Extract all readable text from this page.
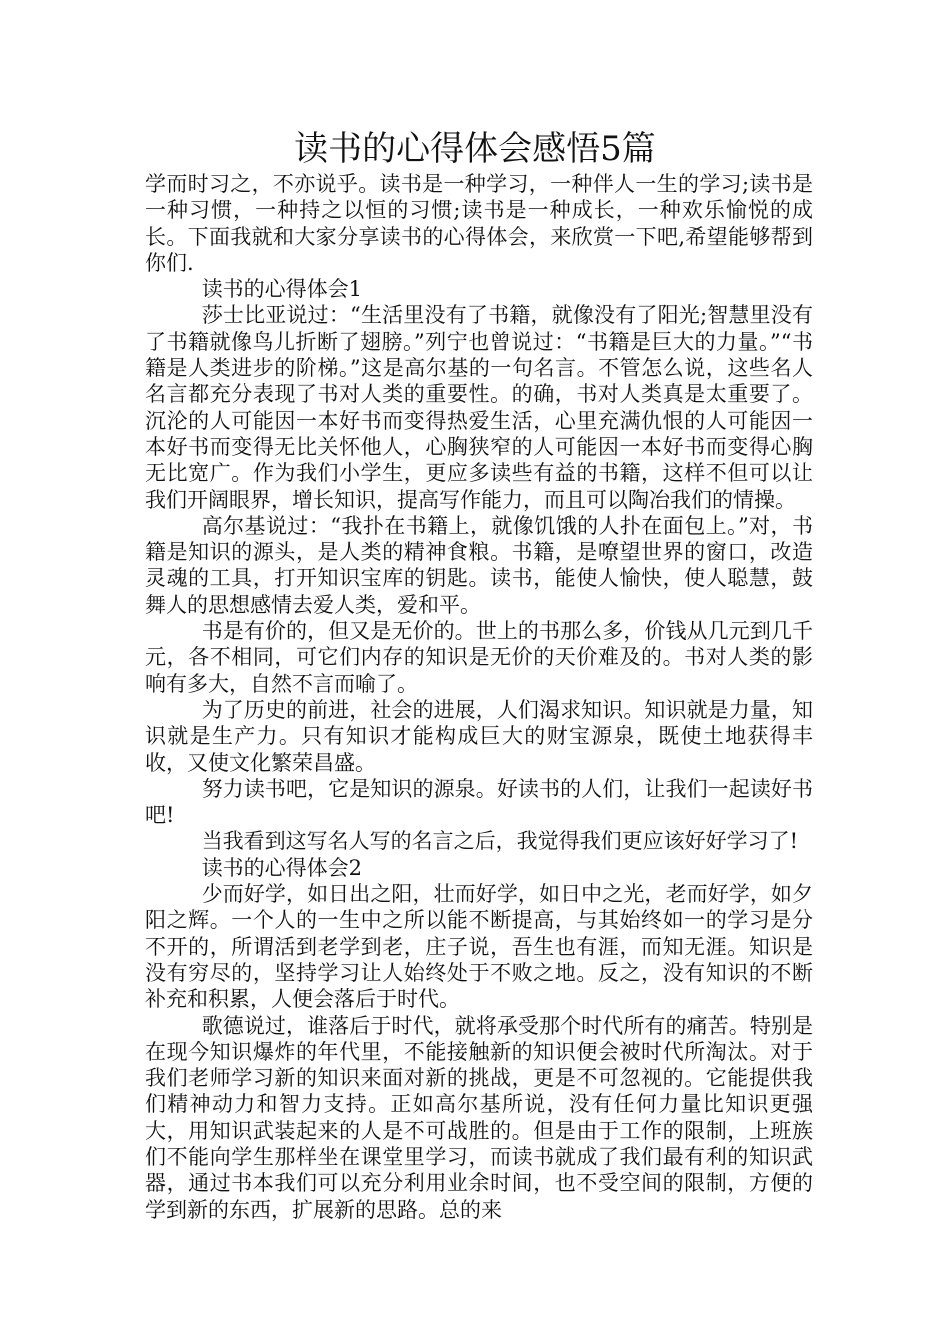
读书的心得体会感悟5篇

学而时习之，不亦说乎。读书是一种学习，一种伴人一生的学习;读书是一种习惯，一种持之以恒的习惯;读书是一种成长，一种欢乐愉悦的成长。下面我就和大家分享读书的心得体会，来欣赏一下吧,希望能够帮到你们.

读书的心得体会1

莎士比亚说过：“生活里没有了书籍，就像没有了阳光;智慧里没有了书籍就像鸟儿折断了翅膀。”列宁也曾说过：“书籍是巨大的力量。”“书籍是人类进步的阶梯。”这是高尔基的一句名言。不管怎么说，这些名人名言都充分表现了书对人类的重要性。的确，书对人类真是太重要了。沉沦的人可能因一本好书而变得热爱生活，心里充满仇恨的人可能因一本好书而变得无比关怀他人，心胸狭窄的人可能因一本好书而变得心胸无比宽广。作为我们小学生，更应多读些有益的书籍，这样不但可以让我们开阔眼界，增长知识，提高写作能力，而且可以陶冶我们的情操。

高尔基说过：“我扑在书籍上，就像饥饿的人扑在面包上。”对，书籍是知识的源头，是人类的精神食粮。书籍，是嘹望世界的窗口，改造灵魂的工具，打开知识宝库的钥匙。读书，能使人愉快，使人聪慧，鼓舞人的思想感情去爱人类，爱和平。

书是有价的，但又是无价的。世上的书那么多，价钱从几元到几千元，各不相同，可它们内存的知识是无价的天价难及的。书对人类的影响有多大，自然不言而喻了。

为了历史的前进，社会的进展，人们渴求知识。知识就是力量，知识就是生产力。只有知识才能构成巨大的财宝源泉，既使土地获得丰收，又使文化繁荣昌盛。

努力读书吧，它是知识的源泉。好读书的人们，让我们一起读好书吧!

当我看到这写名人写的名言之后，我觉得我们更应该好好学习了!

读书的心得体会2

少而好学，如日出之阳，壮而好学，如日中之光，老而好学，如夕阳之辉。一个人的一生中之所以能不断提高，与其始终如一的学习是分不开的，所谓活到老学到老，庄子说，吾生也有涯，而知无涯。知识是没有穷尽的，坚持学习让人始终处于不败之地。反之，没有知识的不断补充和积累，人便会落后于时代。

歌德说过，谁落后于时代，就将承受那个时代所有的痛苦。特别是在现今知识爆炸的年代里，不能接触新的知识便会被时代所淘汰。对于我们老师学习新的知识来面对新的挑战，更是不可忽视的。它能提供我们精神动力和智力支持。正如高尔基所说，没有任何力量比知识更强大，用知识武装起来的人是不可战胜的。但是由于工作的限制，上班族们不能向学生那样坐在课堂里学习，而读书就成了我们最有利的知识武器，通过书本我们可以充分利用业余时间，也不受空间的限制，方便的学到新的东西，扩展新的思路。总的来
